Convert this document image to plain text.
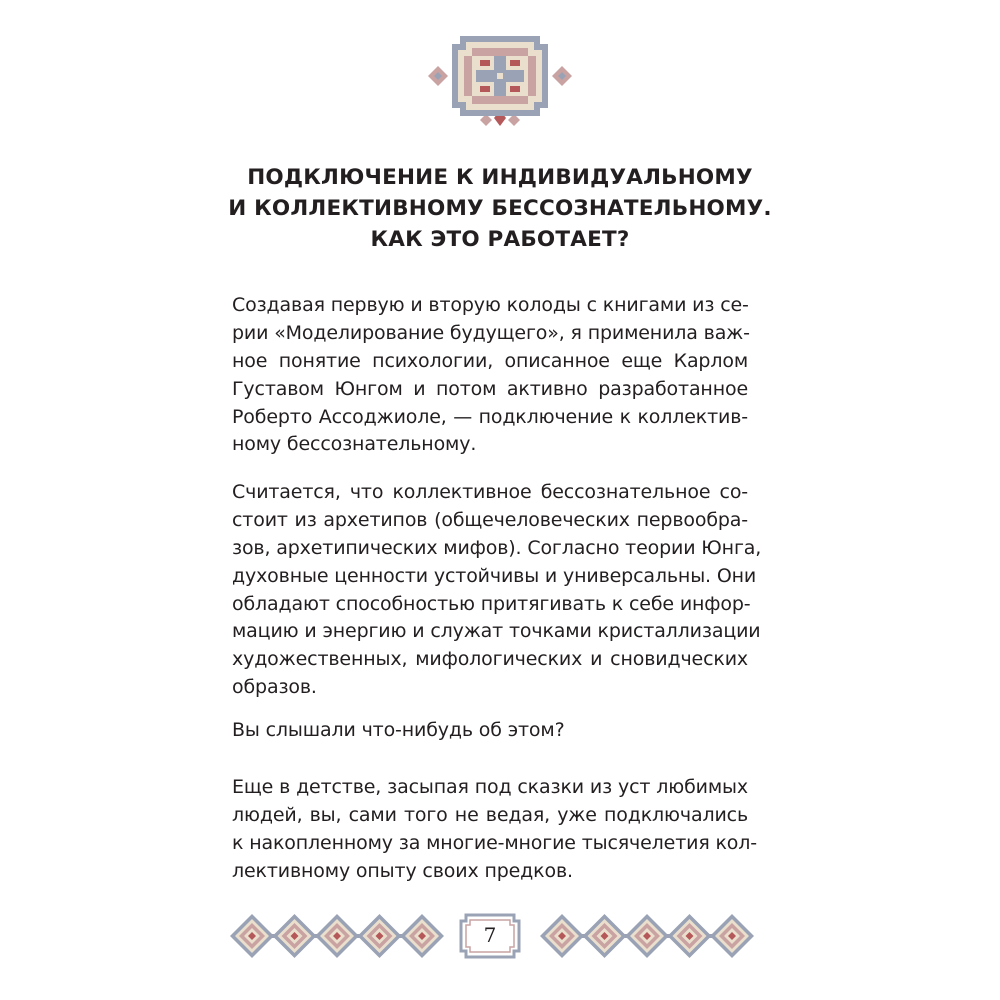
ПОДКЛЮЧЕНИЕ К ИНДИВИДУАЛЬНОМУ
И КОЛЛЕКТИВНОМУ БЕССОЗНАТЕЛЬНОМУ.
КАК ЭТО РАБОТАЕТ?
Создавая первую и вторую колоды с книгами из се-
рии «Моделирование будущего», я применила важ-
ное понятие психологии, описанное еще Карлом
Густавом Юнгом и потом активно разработанное
Роберто Ассоджиоле, — подключение к коллектив-
ному бессознательному.
Считается, что коллективное бессознательное со-
стоит из архетипов (общечеловеческих первообра-
зов, архетипических мифов). Согласно теории Юнга,
духовные ценности устойчивы и универсальны. Они
обладают способностью притягивать к себе инфор-
мацию и энергию и служат точками кристаллизации
художественных, мифологических и сновидческих
образов.
Вы слышали что-нибудь об этом?
Еще в детстве, засыпая под сказки из уст любимых
людей, вы, сами того не ведая, уже подключались
к накопленному за многие-многие тысячелетия кол-
лективному опыту своих предков.
7
